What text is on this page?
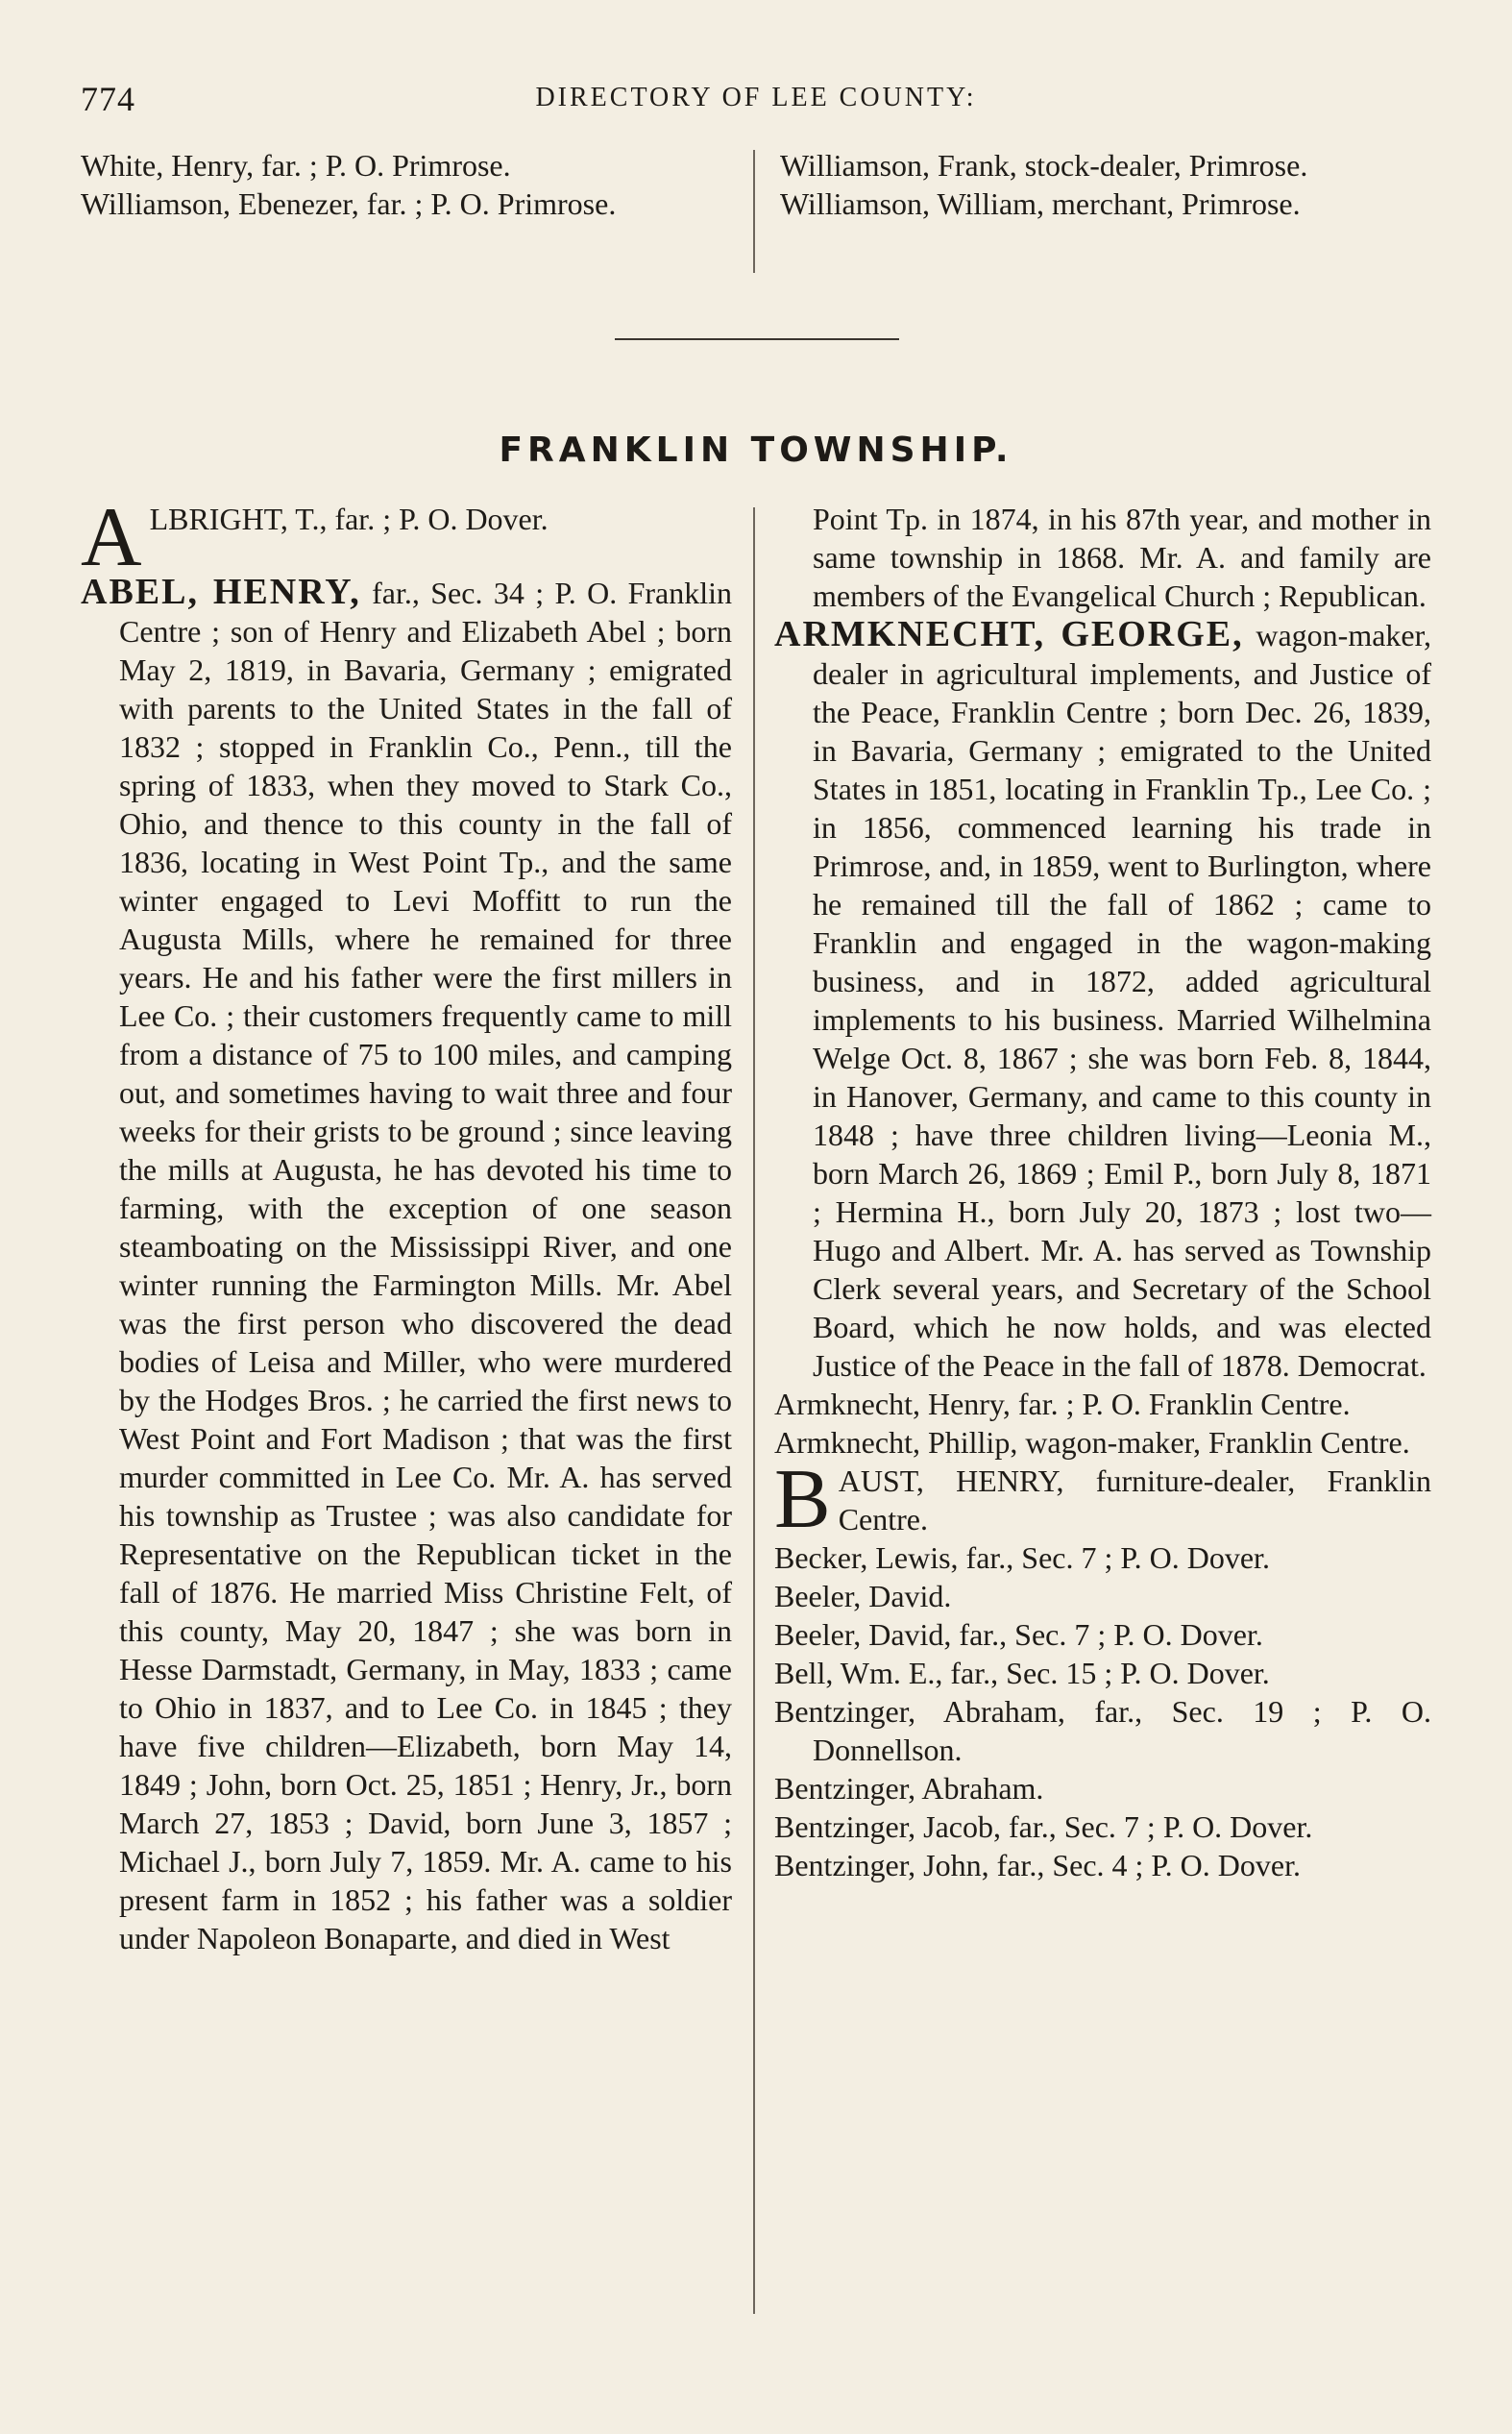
774	DIRECTORY OF LEE COUNTY:

White, Henry, far. ; P. O. Primrose.

Williamson, Ebenezer, far. ; P. O. Primrose.

Williamson, Frank, stock-dealer, Primrose.

Williamson, William, merchant, Primrose.

FRANKLIN TOWNSHIP.

A LBRIGHT, T., far. ; P. O. Dover.

ABEL, HENRY, far., Sec. 34 ; P. O. Franklin Centre ; son of Henry and Elizabeth Abel ; born May 2, 1819, in Bavaria, Germany ; emigrated with parents to the United States in the fall of 1832 ; stopped in Franklin Co., Penn., till the spring of 1833, when they moved to Stark Co., Ohio, and thence to this county in the fall of 1836, locating in West Point Tp., and the same winter engaged to Levi Moffitt to run the Augusta Mills, where he remained for three years. He and his father were the first millers in Lee Co. ; their customers frequently came to mill from a distance of 75 to 100 miles, and camping out, and sometimes having to wait three and four weeks for their grists to be ground ; since leaving the mills at Augusta, he has devoted his time to farming, with the exception of one season steamboating on the Mississippi River, and one winter running the Farmington Mills. Mr. Abel was the first person who discovered the dead bodies of Leisa and Miller, who were murdered by the Hodges Bros. ; he carried the first news to West Point and Fort Madison ; that was the first murder committed in Lee Co. Mr. A. has served his township as Trustee ; was also candidate for Representative on the Republican ticket in the fall of 1876. He married Miss Christine Felt, of this county, May 20, 1847 ; she was born in Hesse Darmstadt, Germany, in May, 1833 ; came to Ohio in 1837, and to Lee Co. in 1845 ; they have five children—Elizabeth, born May 14, 1849 ; John, born Oct. 25, 1851 ; Henry, Jr., born March 27, 1853 ; David, born June 3, 1857 ; Michael J., born July 7, 1859. Mr. A. came to his present farm in 1852 ; his father was a soldier under Napoleon Bonaparte, and died in West

Point Tp. in 1874, in his 87th year, and mother in same township in 1868. Mr. A. and family are members of the Evangelical Church ; Republican.

ARMKNECHT, GEORGE, wagon-maker, dealer in agricultural implements, and Justice of the Peace, Franklin Centre ; born Dec. 26, 1839, in Bavaria, Germany ; emigrated to the United States in 1851, locating in Franklin Tp., Lee Co. ; in 1856, commenced learning his trade in Primrose, and, in 1859, went to Burlington, where he remained till the fall of 1862 ; came to Franklin and engaged in the wagon-making business, and in 1872, added agricultural implements to his business. Married Wilhelmina Welge Oct. 8, 1867 ; she was born Feb. 8, 1844, in Hanover, Germany, and came to this county in 1848 ; have three children living—Leonia M., born March 26, 1869 ; Emil P., born July 8, 1871 ; Hermina H., born July 20, 1873 ; lost two—Hugo and Albert. Mr. A. has served as Township Clerk several years, and Secretary of the School Board, which he now holds, and was elected Justice of the Peace in the fall of 1878. Democrat.

Armknecht, Henry, far. ; P. O. Franklin Centre.

Armknecht, Phillip, wagon-maker, Franklin Centre.

B AUST, HENRY, furniture-dealer, Franklin Centre.

Becker, Lewis, far., Sec. 7 ; P. O. Dover.

Beeler, David.

Beeler, David, far., Sec. 7 ; P. O. Dover.

Bell, Wm. E., far., Sec. 15 ; P. O. Dover.

Bentzinger, Abraham, far., Sec. 19 ; P. O. Donnellson.

Bentzinger, Abraham.

Bentzinger, Jacob, far., Sec. 7 ; P. O. Dover.

Bentzinger, John, far., Sec. 4 ; P. O. Dover.
